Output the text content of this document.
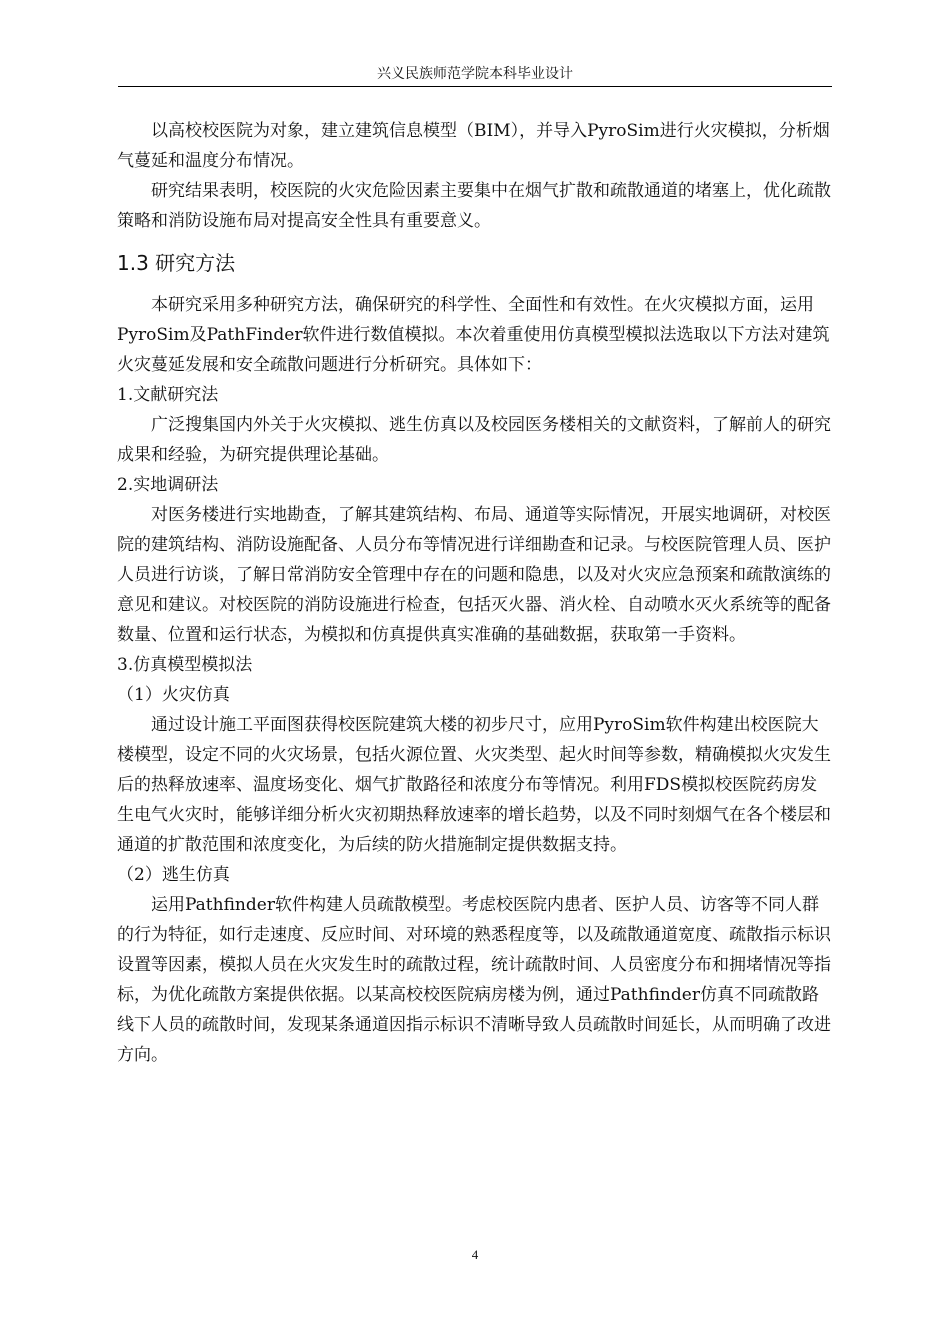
兴义民族师范学院本科毕业设计

以高校校医院为对象，建立建筑信息模型（BIM），并导入PyroSim进行火灾模拟，分析烟气蔓延和温度分布情况。

研究结果表明，校医院的火灾危险因素主要集中在烟气扩散和疏散通道的堵塞上，优化疏散策略和消防设施布局对提高安全性具有重要意义。

1.3 研究方法

本研究采用多种研究方法，确保研究的科学性、全面性和有效性。在火灾模拟方面，运用PyroSim及PathFinder软件进行数值模拟。本次着重使用仿真模型模拟法选取以下方法对建筑火灾蔓延发展和安全疏散问题进行分析研究。具体如下：

1.文献研究法

广泛搜集国内外关于火灾模拟、逃生仿真以及校园医务楼相关的文献资料，了解前人的研究成果和经验，为研究提供理论基础。

2.实地调研法

对医务楼进行实地勘查，了解其建筑结构、布局、通道等实际情况，开展实地调研，对校医院的建筑结构、消防设施配备、人员分布等情况进行详细勘查和记录。与校医院管理人员、医护人员进行访谈，了解日常消防安全管理中存在的问题和隐患，以及对火灾应急预案和疏散演练的意见和建议。对校医院的消防设施进行检查，包括灭火器、消火栓、自动喷水灭火系统等的配备数量、位置和运行状态，为模拟和仿真提供真实准确的基础数据，获取第一手资料。

3.仿真模型模拟法

（1）火灾仿真

通过设计施工平面图获得校医院建筑大楼的初步尺寸，应用PyroSim软件构建出校医院大楼模型，设定不同的火灾场景，包括火源位置、火灾类型、起火时间等参数，精确模拟火灾发生后的热释放速率、温度场变化、烟气扩散路径和浓度分布等情况。利用FDS模拟校医院药房发生电气火灾时，能够详细分析火灾初期热释放速率的增长趋势，以及不同时刻烟气在各个楼层和通道的扩散范围和浓度变化，为后续的防火措施制定提供数据支持。

（2）逃生仿真

运用Pathfinder软件构建人员疏散模型。考虑校医院内患者、医护人员、访客等不同人群的行为特征，如行走速度、反应时间、对环境的熟悉程度等，以及疏散通道宽度、疏散指示标识设置等因素，模拟人员在火灾发生时的疏散过程，统计疏散时间、人员密度分布和拥堵情况等指标，为优化疏散方案提供依据。以某高校校医院病房楼为例，通过Pathfinder仿真不同疏散路线下人员的疏散时间，发现某条通道因指示标识不清晰导致人员疏散时间延长，从而明确了改进方向。

4
